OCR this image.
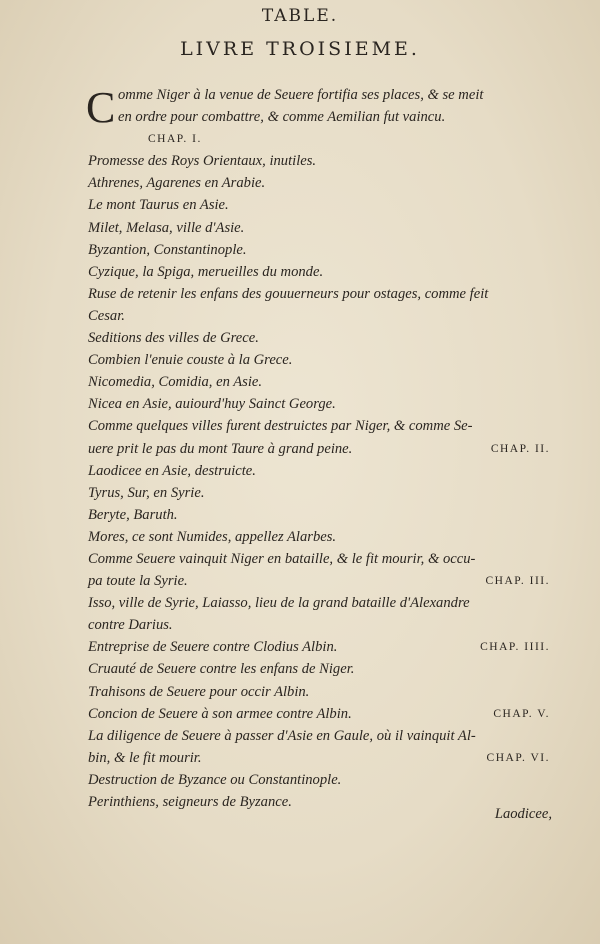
TABLE.
LIVRE TROISIEME.
C omme Niger à la venue de Seuere fortifia ses places, & se meit
en ordre pour combattre, & comme Aemilian fut vaincu.
CHAP. I.
Promesse des Roys Orientaux, inutiles.
Athrenes, Agarenes en Arabie.
Le mont Taurus en Asie.
Milet, Melasa, ville d'Asie.
Byzantion, Constantinople.
Cyzique, la Spiga, merueilles du monde.
Ruse de retenir les enfans des gouuerneurs pour ostages, comme feit
Cesar.
Seditions des villes de Grece.
Combien l'enuie couste à la Grece.
Nicomedia, Comidia, en Asie.
Nicea en Asie, auiourd'huy Sainct George.
Comme quelques villes furent destruictes par Niger, & comme Se-
uere prit le pas du mont Taure à grand peine.	CHAP. II.
Laodicee en Asie, destruicte.
Tyrus, Sur, en Syrie.
Beryte, Baruth.
Mores, ce sont Numides, appellez Alarbes.
Comme Seuere vainquit Niger en bataille, & le fit mourir, & occu-
pa toute la Syrie.	CHAP. III.
Isso, ville de Syrie, Laiasso, lieu de la grand bataille d'Alexandre
contre Darius.
Entreprise de Seuere contre Clodius Albin.	CHAP. IIII.
Cruauté de Seuere contre les enfans de Niger.
Trahisons de Seuere pour occir Albin.
Concion de Seuere à son armee contre Albin.	CHAP. V.
La diligence de Seuere à passer d'Asie en Gaule, où il vainquit Al-
bin, & le fit mourir.	CHAP. VI.
Destruction de Byzance ou Constantinople.
Perinthiens, seigneurs de Byzance.
Laodicee,
